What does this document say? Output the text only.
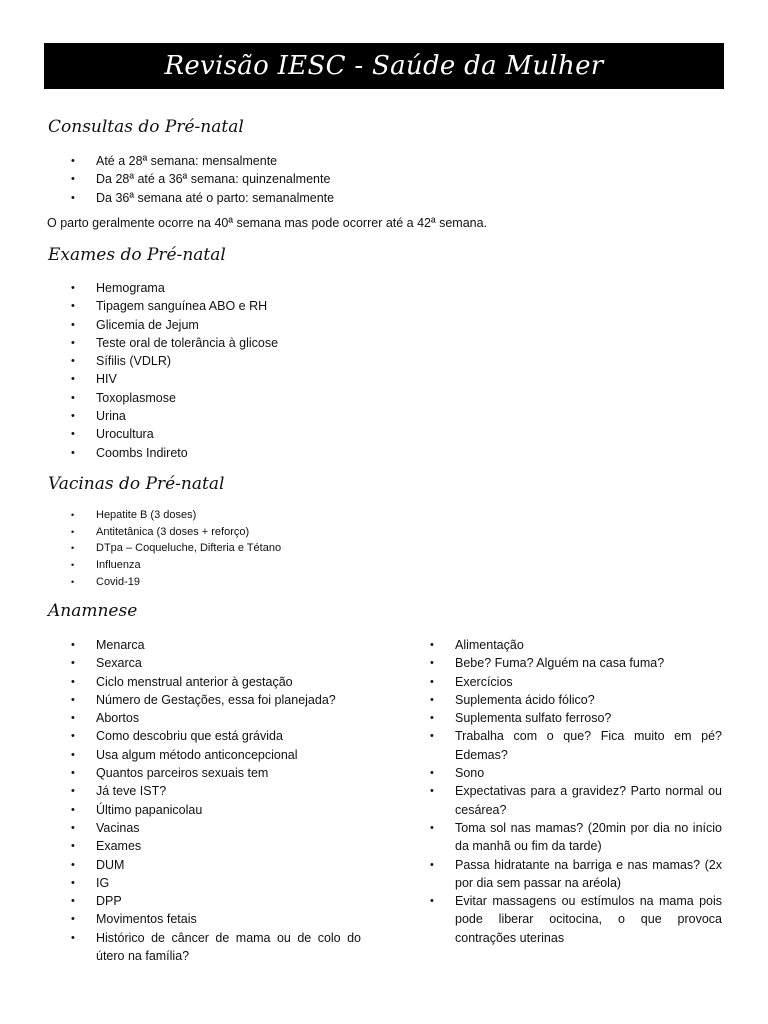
Revisão IESC - Saúde da Mulher
Consultas do Pré-natal
• Até a 28ª semana: mensalmente
• Da 28ª até a 36ª semana: quinzenalmente
• Da 36ª semana até o parto: semanalmente

O parto geralmente ocorre na 40ª semana mas pode ocorrer até a 42ª semana.

Exames do Pré-natal
• Hemograma
• Tipagem sanguínea ABO e RH
• Glicemia de Jejum
• Teste oral de tolerância à glicose
• Sífilis (VDLR)
• HIV
• Toxoplasmose
• Urina
• Urocultura
• Coombs Indireto
Vacinas do Pré-natal
• Hepatite B (3 doses)
• Antitetânica (3 doses + reforço)
• DTpa – Coqueluche, Difteria e Tétano
• Influenza
• Covid-19
Anamnese
• Menarca
• Sexarca
• Ciclo menstrual anterior à gestação
• Número de Gestações, essa foi planejada?
• Abortos
• Como descobriu que está grávida
• Usa algum método anticoncepcional
• Quantos parceiros sexuais tem
• Já teve IST?
• Último papanicolau
• Vacinas
• Exames
• DUM
• IG
• DPP
• Movimentos fetais
• Histórico de câncer de mama ou de colo do útero na família?
• Alimentação
• Bebe? Fuma? Alguém na casa fuma?
• Exercícios
• Suplementa ácido fólico?
• Suplementa sulfato ferroso?
• Trabalha com o que? Fica muito em pé? Edemas?
• Sono
• Expectativas para a gravidez? Parto normal ou cesárea?
• Toma sol nas mamas? (20min por dia no início da manhã ou fim da tarde)
• Passa hidratante na barriga e nas mamas? (2x por dia sem passar na aréola)
• Evitar massagens ou estímulos na mama pois pode liberar ocitocina, o que provoca contrações uterinas
